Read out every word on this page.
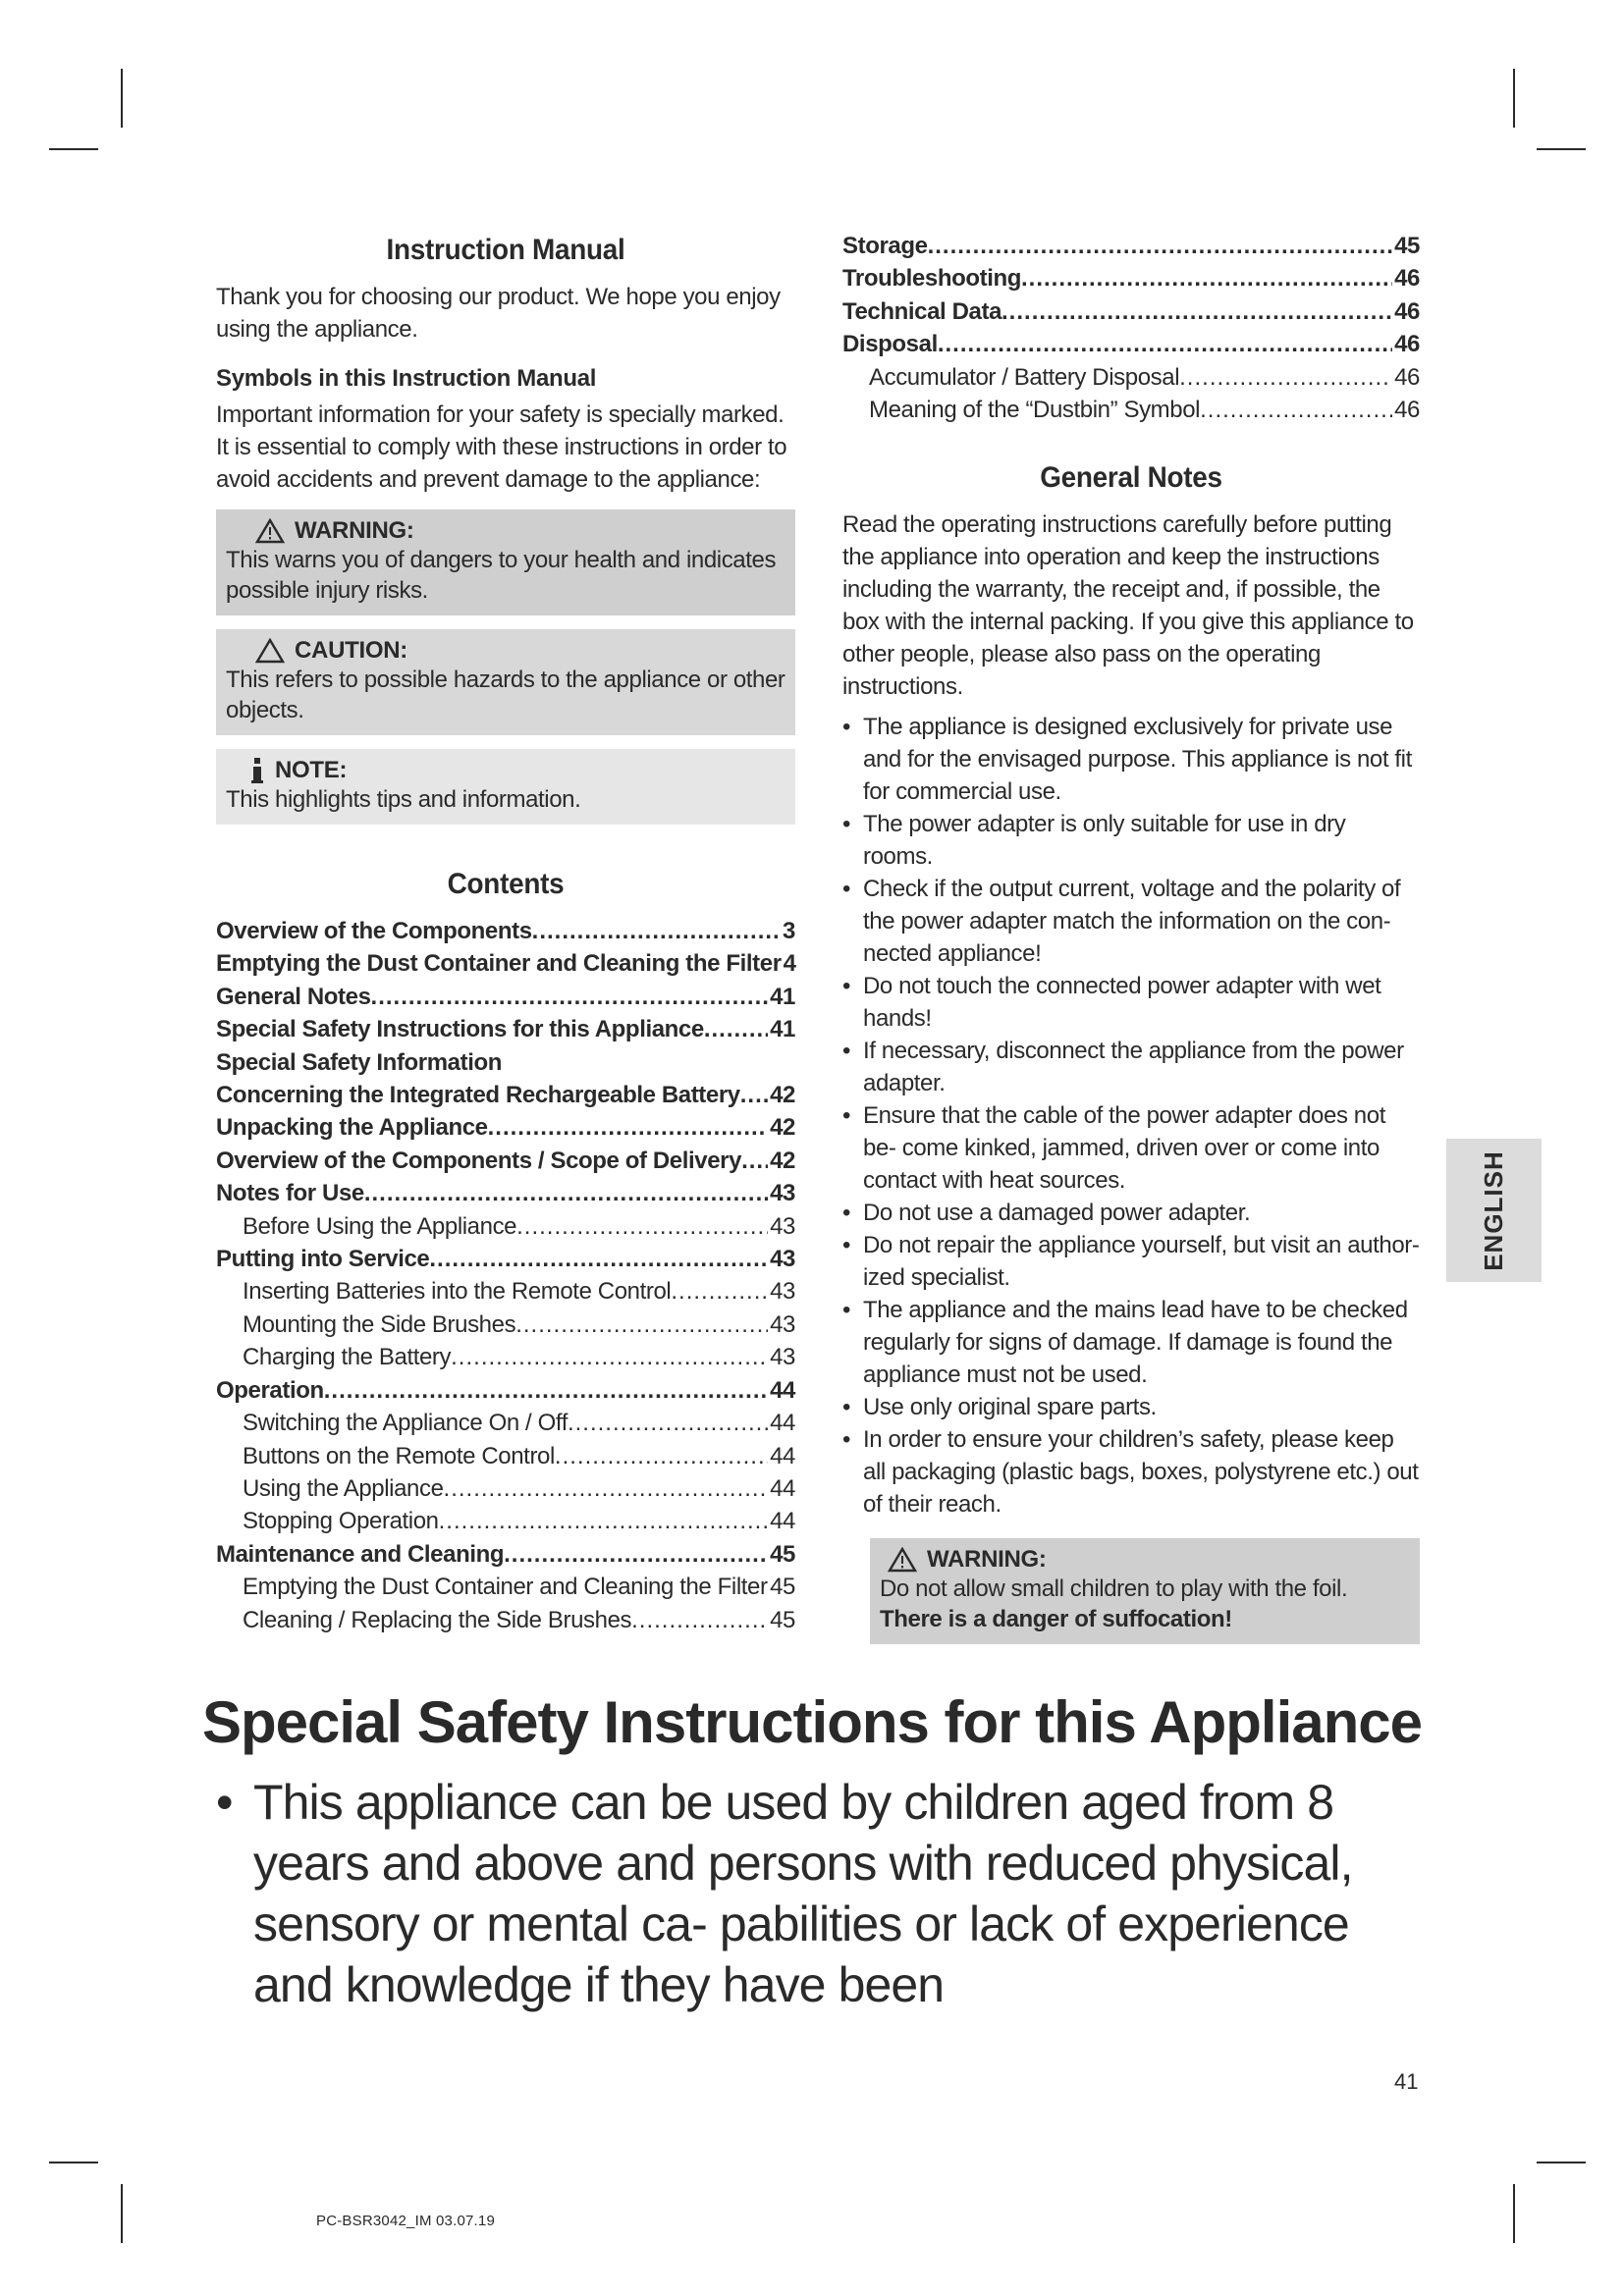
Instruction Manual

Thank you for choosing our product. We hope you enjoy using the appliance.

Symbols in this Instruction Manual

Important information for your safety is specially marked. It is essential to comply with these instructions in order to avoid accidents and prevent damage to the appliance:

WARNING:
This warns you of dangers to your health and indicates possible injury risks.
CAUTION:
This refers to possible hazards to the appliance or other objects.
NOTE:
This highlights tips and information.
Contents
Overview of the Components .....	3
Emptying the Dust Container and Cleaning the Filter 4
General Notes .....	41
Special Safety Instructions for this Appliance .....	41
Special Safety Information
Concerning the Integrated Rechargeable Battery ..... 42
Unpacking the Appliance .....	42
Overview of the Components / Scope of Delivery ..... 42
Notes for Use .....	43
Before Using the Appliance .....	43
Putting into Service .....	43
Inserting Batteries into the Remote Control .....	43
Mounting the Side Brushes .....	43
Charging the Battery .....	43
Operation .....	44
Switching the Appliance On / Off .....	44
Buttons on the Remote Control .....	44
Using the Appliance .....	44
Stopping Operation .....	44
Maintenance and Cleaning .....	45
Emptying the Dust Container and Cleaning the Filter ..... 45
Cleaning / Replacing the Side Brushes .....	45
Storage .....	45
Troubleshooting .....	46
Technical Data .....	46
Disposal .....	46
Accumulator / Battery Disposal .....	46
Meaning of the “Dustbin” Symbol .....	46
General Notes

Read the operating instructions carefully before putting the appliance into operation and keep the instructions including the warranty, the receipt and, if possible, the box with the internal packing. If you give this appliance to other people, please also pass on the operating instructions.

• The appliance is designed exclusively for private use and for the envisaged purpose. This appliance is not fit for commercial use.
• The power adapter is only suitable for use in dry rooms.
• Check if the output current, voltage and the polarity of the power adapter match the information on the con- nected appliance!
• Do not touch the connected power adapter with wet hands!
• If necessary, disconnect the appliance from the power adapter.
• Ensure that the cable of the power adapter does not be- come kinked, jammed, driven over or come into contact with heat sources.
• Do not use a damaged power adapter.
• Do not repair the appliance yourself, but visit an author- ized specialist.
• The appliance and the mains lead have to be checked regularly for signs of damage. If damage is found the appliance must not be used.
• Use only original spare parts.
• In order to ensure your children’s safety, please keep all packaging (plastic bags, boxes, polystyrene etc.) out of their reach.
WARNING:
Do not allow small children to play with the foil. There is a danger of suffocation!
ENGLISH
Special Safety Instructions for this Appliance
• This appliance can be used by children aged from 8 years and above and persons with reduced physical, sensory or mental ca- pabilities or lack of experience and knowledge if they have been
41
PC-BSR3042_IM 03.07.19
